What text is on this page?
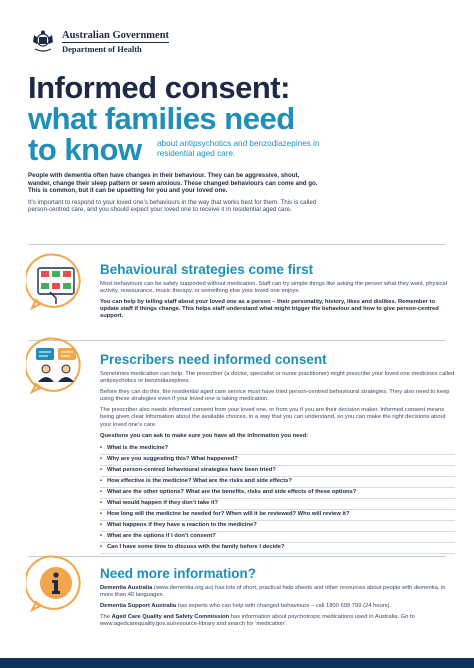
Australian Government
Department of Health
Informed consent:
what families need
to know	about antipsychotics and benzodiazepines in residential aged care.
People with dementia often have changes in their behaviour. They can be aggressive, shout, wander, change their sleep pattern or seem anxious. These changed behaviours can come and go. This is common, but it can be upsetting for you and your loved one.
It’s important to respond to your loved one’s behaviours in the way that works best for them. This is called person-centred care, and you should expect your loved one to receive it in residential aged care.
Behavioural strategies come first
Most behaviours can be safely supported without medication. Staff can try simple things like asking the person what they want, physical activity, reassurance, music therapy, or something else your loved one enjoys.
You can help by telling staff about your loved one as a person – their personality, history, likes and dislikes. Remember to update staff if things change. This helps staff understand what might trigger the behaviour and how to give person-centred support.
Prescribers need informed consent
Sometimes medication can help. The prescriber (a doctor, specialist or nurse practitioner) might prescribe your loved one medicines called antipsychotics or benzodiazepines.
Before they can do this, the residential aged care service must have tried person-centred behavioural strategies. They also need to keep using these strategies even if your loved one is taking medication.
The prescriber also needs informed consent from your loved one, or from you if you are their decision maker. Informed consent means being given clear information about the available choices, in a way that you can understand, so you can make the right decisions about your loved one’s care.
Questions you can ask to make sure you have all the information you need:
• What is the medicine?
• Why are you suggesting this? What happened?
• What person-centred behavioural strategies have been tried?
• How effective is the medicine? What are the risks and side effects?
• What are the other options? What are the benefits, risks and side effects of these options?
• What would happen if they don’t take it?
• How long will the medicine be needed for? When will it be reviewed? Who will review it?
• What happens if they have a reaction to the medicine?
• What are the options if I don’t consent?
• Can I have some time to discuss with the family before I decide?
Need more information?
Dementia Australia (www.dementia.org.au) has lots of short, practical help sheets and other resources about people with dementia, in more than 40 languages.
Dementia Support Australia has experts who can help with changed behaviours – call 1800 699 799 (24 hours).
The Aged Care Quality and Safety Commission has information about psychotropic medications used in Australia. Go to www.agedcarequality.gov.au/resource-library and search for ‘medication’.
